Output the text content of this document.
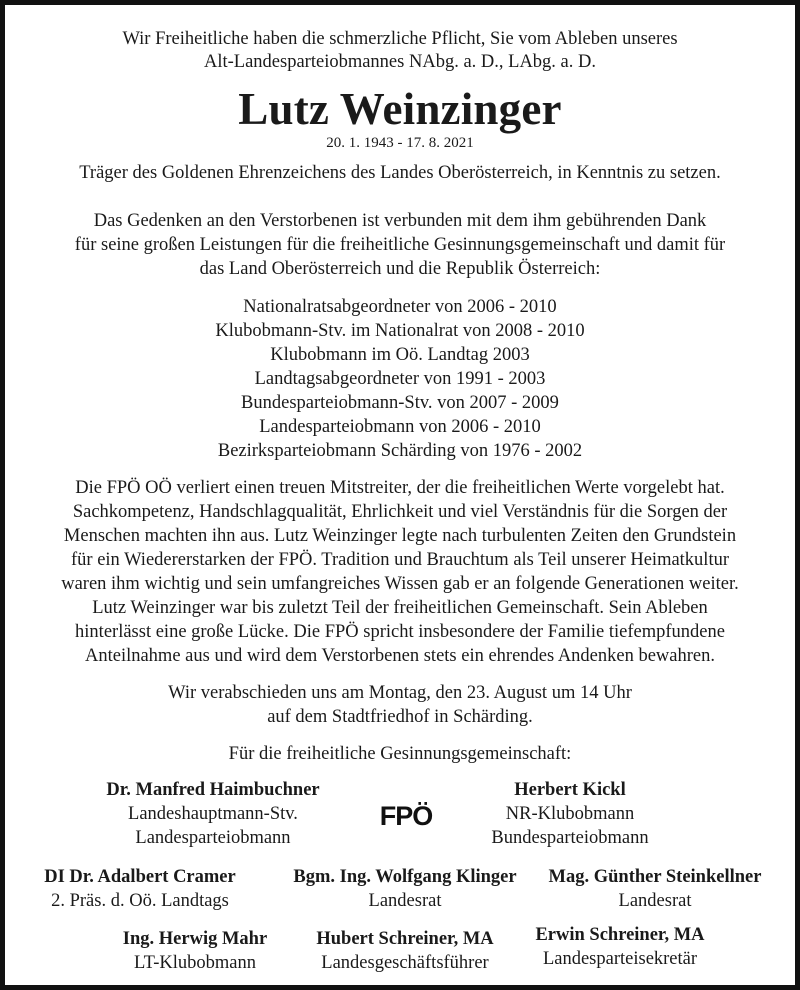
Wir Freiheitliche haben die schmerzliche Pflicht, Sie vom Ableben unseres
Alt-Landesparteiobmannes NAbg. a. D., LAbg. a. D.
Lutz Weinzinger
20. 1. 1943 - 17. 8. 2021
Träger des Goldenen Ehrenzeichens des Landes Oberösterreich, in Kenntnis zu setzen.
Das Gedenken an den Verstorbenen ist verbunden mit dem ihm gebührenden Dank
für seine großen Leistungen für die freiheitliche Gesinnungsgemeinschaft und damit für
das Land Oberösterreich und die Republik Österreich:
Nationalratsabgeordneter von 2006 - 2010
Klubobmann-Stv. im Nationalrat von 2008 - 2010
Klubobmann im Oö. Landtag 2003
Landtagsabgeordneter von 1991 - 2003
Bundesparteiobmann-Stv. von 2007 - 2009
Landesparteiobmann von 2006 - 2010
Bezirksparteiobmann Schärding von 1976 - 2002
Die FPÖ OÖ verliert einen treuen Mitstreiter, der die freiheitlichen Werte vorgelebt hat.
Sachkompetenz, Handschlagqualität, Ehrlichkeit und viel Verständnis für die Sorgen der
Menschen machten ihn aus. Lutz Weinzinger legte nach turbulenten Zeiten den Grundstein
für ein Wiedererstarken der FPÖ. Tradition und Brauchtum als Teil unserer Heimatkultur
waren ihm wichtig und sein umfangreiches Wissen gab er an folgende Generationen weiter.
Lutz Weinzinger war bis zuletzt Teil der freiheitlichen Gemeinschaft. Sein Ableben
hinterlässt eine große Lücke. Die FPÖ spricht insbesondere der Familie tiefempfundene
Anteilnahme aus und wird dem Verstorbenen stets ein ehrendes Andenken bewahren.
Wir verabschieden uns am Montag, den 23. August um 14 Uhr
auf dem Stadtfriedhof in Schärding.
Für die freiheitliche Gesinnungsgemeinschaft:
Dr. Manfred Haimbuchner
Landeshauptmann-Stv.
Landesparteiobmann
FPÖ
Herbert Kickl
NR-Klubobmann
Bundesparteiobmann
DI Dr. Adalbert Cramer
2. Präs. d. Oö. Landtags
Bgm. Ing. Wolfgang Klinger
Landesrat
Mag. Günther Steinkellner
Landesrat
Ing. Herwig Mahr
LT-Klubobmann
Hubert Schreiner, MA
Landesgeschäftsführer
Erwin Schreiner, MA
Landesparteisekretär
